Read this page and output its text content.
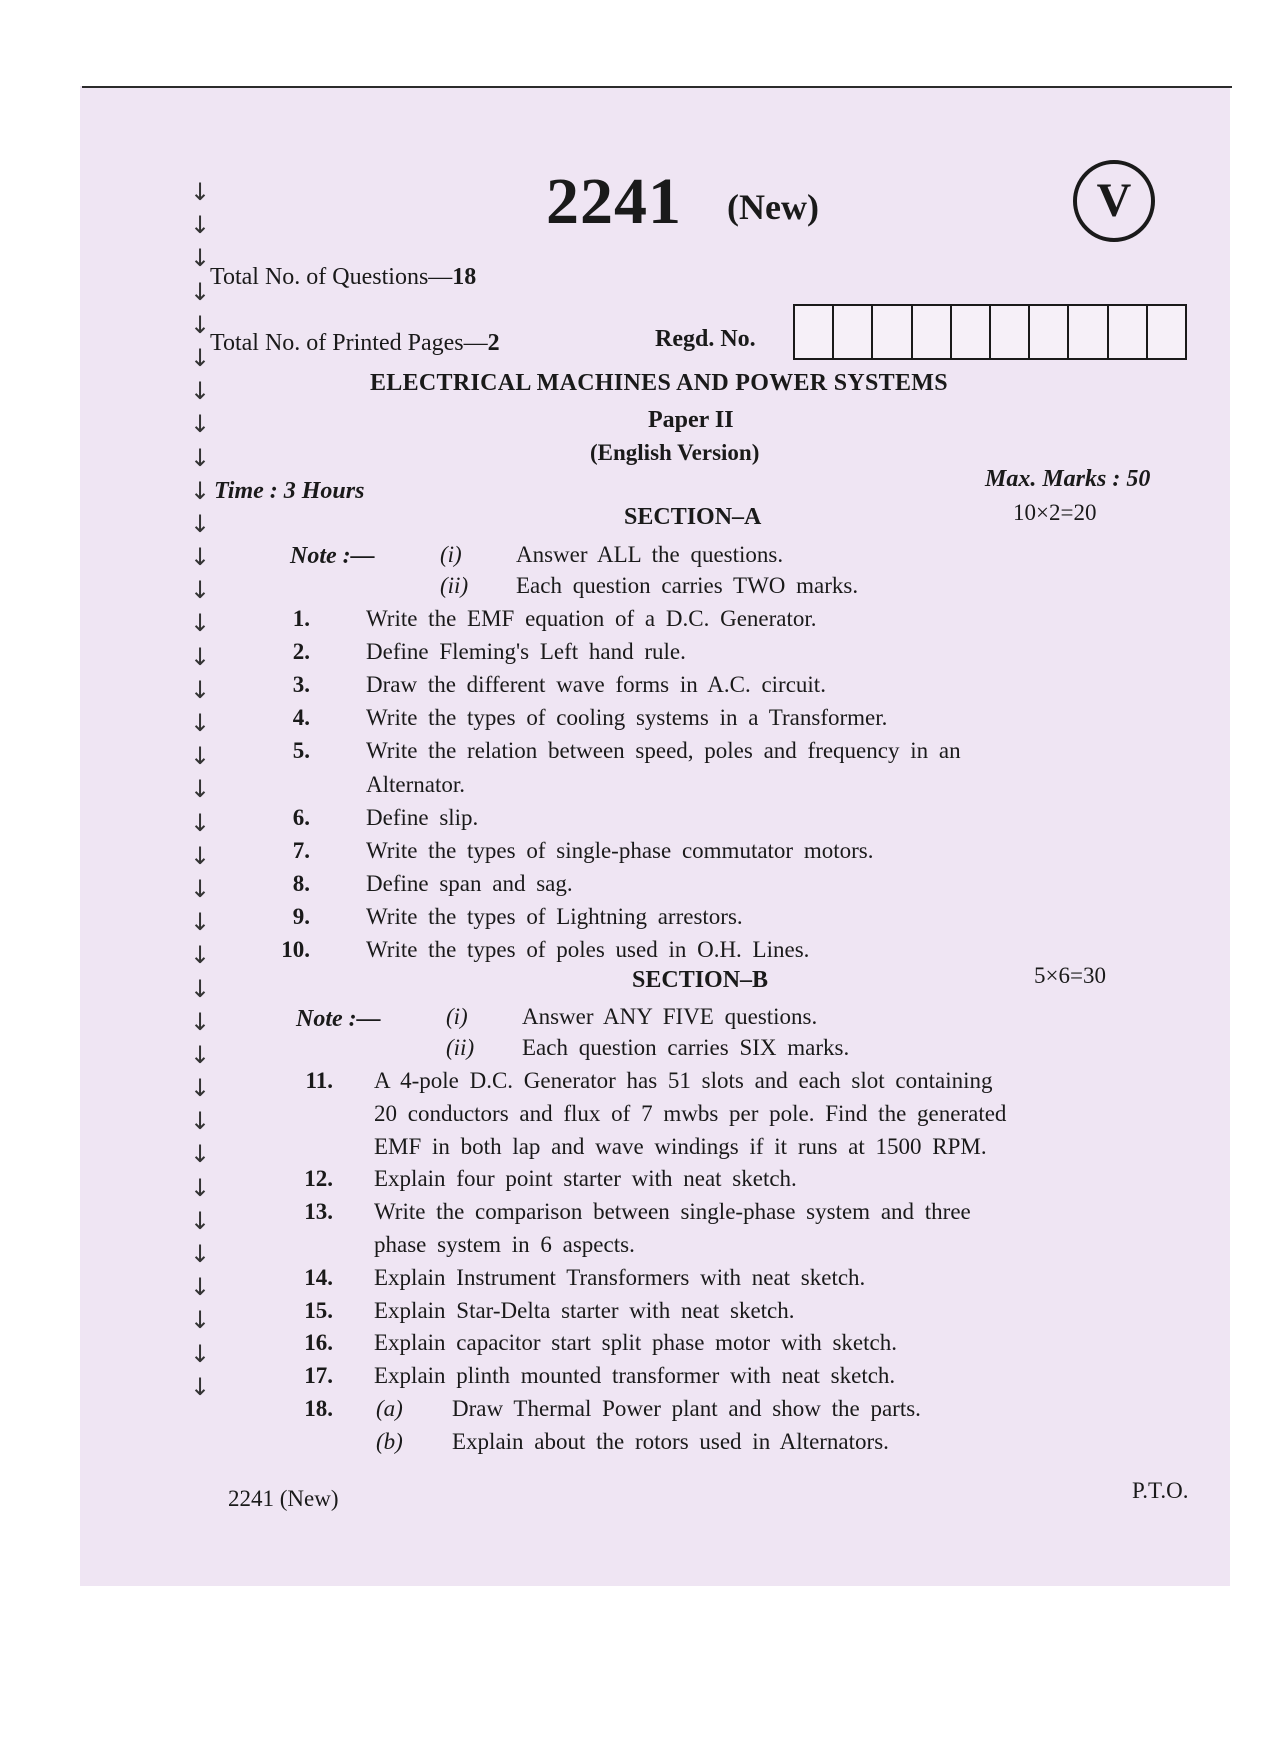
↓
↓
↓
↓
↓
↓
↓
↓
↓
↓
↓
↓
↓
↓
↓
↓
↓
↓
↓
↓
↓
↓
↓
↓
↓
↓
↓
↓
↓
↓
↓
↓
↓
↓
↓
↓
↓
2241 (New)	V
Total No. of Questions—18
Total No. of Printed Pages—2	Regd. No.
ELECTRICAL MACHINES AND POWER SYSTEMS
Paper II
(English Version)
Time : 3 Hours	Max. Marks : 50
SECTION–A	10×2=20
Note :—	(i) Answer ALL the questions.
(ii) Each question carries TWO marks.
1. Write the EMF equation of a D.C. Generator.
2. Define Fleming's Left hand rule.
3. Draw the different wave forms in A.C. circuit.
4. Write the types of cooling systems in a Transformer.
5. Write the relation between speed, poles and frequency in an
Alternator.
6. Define slip.
7. Write the types of single-phase commutator motors.
8. Define span and sag.
9. Write the types of Lightning arrestors.
10. Write the types of poles used in O.H. Lines.
SECTION–B	5×6=30
Note :—	(i) Answer ANY FIVE questions.
(ii) Each question carries SIX marks.
11. A 4-pole D.C. Generator has 51 slots and each slot containing
20 conductors and flux of 7 mwbs per pole. Find the generated
EMF in both lap and wave windings if it runs at 1500 RPM.
12. Explain four point starter with neat sketch.
13. Write the comparison between single-phase system and three
phase system in 6 aspects.
14. Explain Instrument Transformers with neat sketch.
15. Explain Star-Delta starter with neat sketch.
16. Explain capacitor start split phase motor with sketch.
17. Explain plinth mounted transformer with neat sketch.
18. (a) Draw Thermal Power plant and show the parts.
(b) Explain about the rotors used in Alternators.
2241 (New)	P.T.O.
